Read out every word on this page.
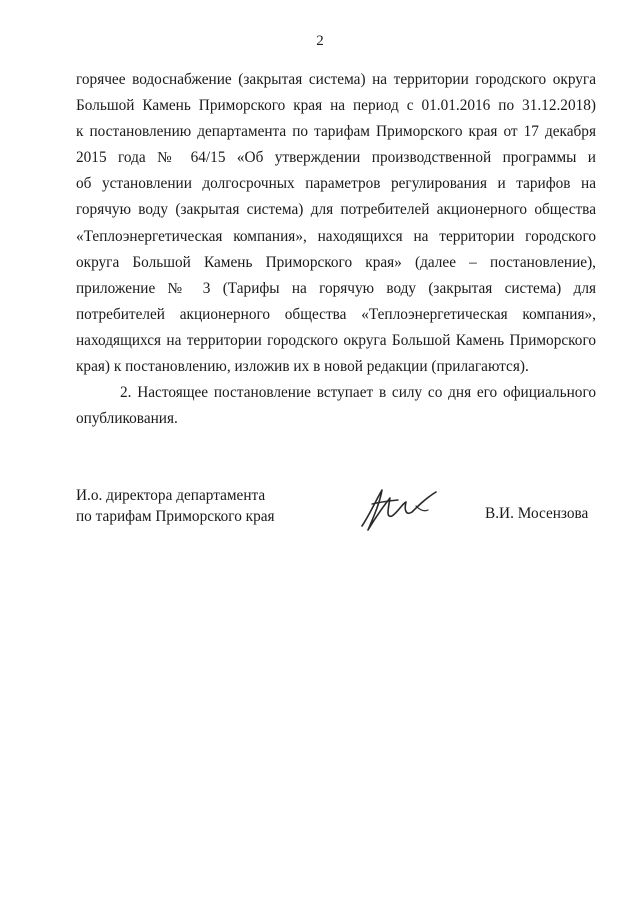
2
горячее водоснабжение (закрытая система) на территории городского округа
Большой Камень Приморского края на период с 01.01.2016 по 31.12.2018)
к постановлению департамента по тарифам Приморского края от 17 декабря
2015 года № 64/15 «Об утверждении производственной программы и
об установлении долгосрочных параметров регулирования и тарифов на
горячую воду (закрытая система) для потребителей акционерного общества
«Теплоэнергетическая компания», находящихся на территории городского
округа Большой Камень Приморского края» (далее – постановление),
приложение № 3 (Тарифы на горячую воду (закрытая система) для
потребителей акционерного общества «Теплоэнергетическая компания»,
находящихся на территории городского округа Большой Камень Приморского
края) к постановлению, изложив их в новой редакции (прилагаются).
2. Настоящее постановление вступает в силу со дня его официального
опубликования.
И.о. директора департамента
по тарифам Приморского края	В.И. Мосензова
